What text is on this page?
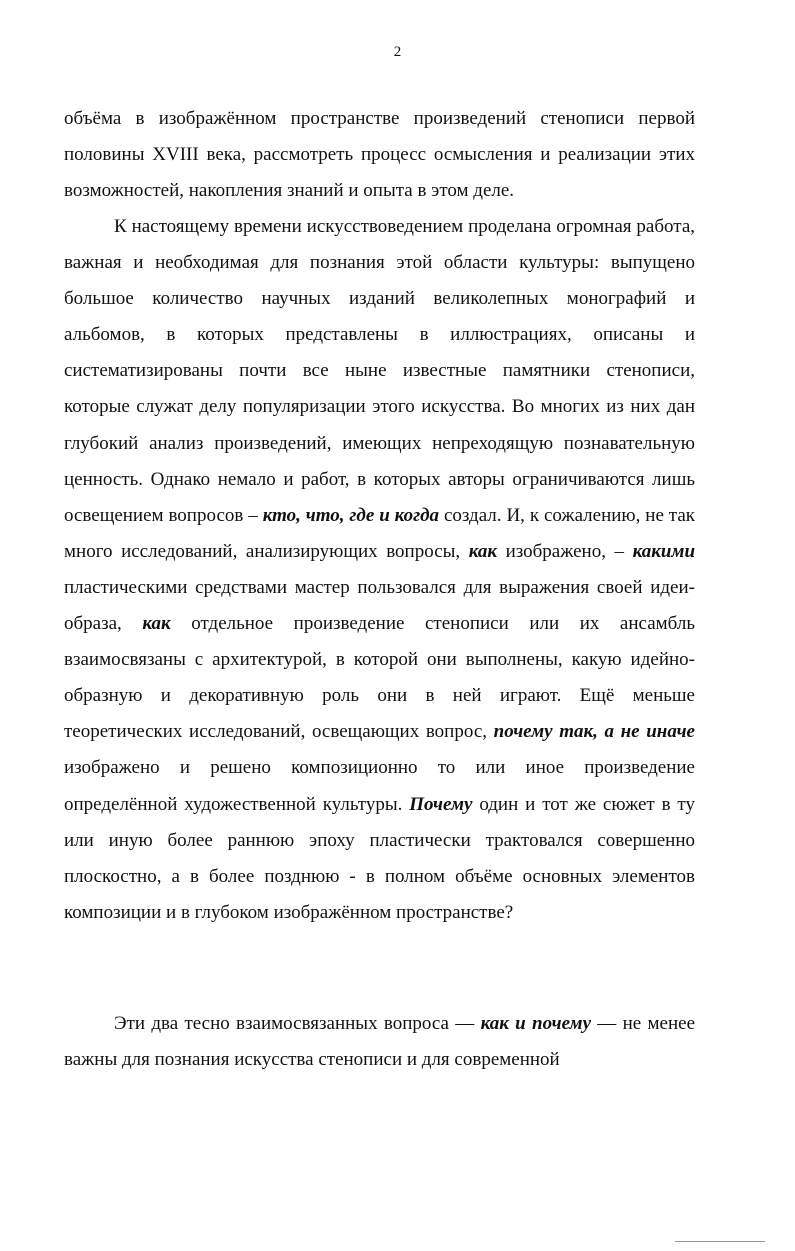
2

объёма в изображённом пространстве произведений стенописи первой половины XVIII века, рассмотреть процесс осмысления и реализации этих возможностей, накопления знаний и опыта в этом деле.

К настоящему времени искусствоведением проделана огромная работа, важная и необходимая для познания этой области культуры: выпущено большое количество научных изданий великолепных монографий и альбомов, в которых представлены в иллюстрациях, описаны и систематизированы почти все ныне известные памятники стенописи, которые служат делу популяризации этого искусства. Во многих из них дан глубокий анализ произведений, имеющих непреходящую познавательную ценность. Однако немало и работ, в которых авторы ограничиваются лишь освещением вопросов – кто, что, где и когда создал. И, к сожалению, не так много исследований, анализирующих вопросы, как изображено, – какими пластическими средствами мастер пользовался для выражения своей идеи-образа, как отдельное произведение стенописи или их ансамбль взаимосвязаны с архитектурой, в которой они выполнены, какую идейно-образную и декоративную роль они в ней играют. Ещё меньше теоретических исследований, освещающих вопрос, почему так, а не иначе изображено и решено композиционно то или иное произведение определённой художественной культуры. Почему один и тот же сюжет в ту или иную более раннюю эпоху пластически трактовался совершенно плоскостно, а в более позднюю - в полном объёме основных элементов композиции и в глубоком изображённом пространстве?

Эти два тесно взаимосвязанных вопроса — как и почему — не менее важны для познания искусства стенописи и для современной
